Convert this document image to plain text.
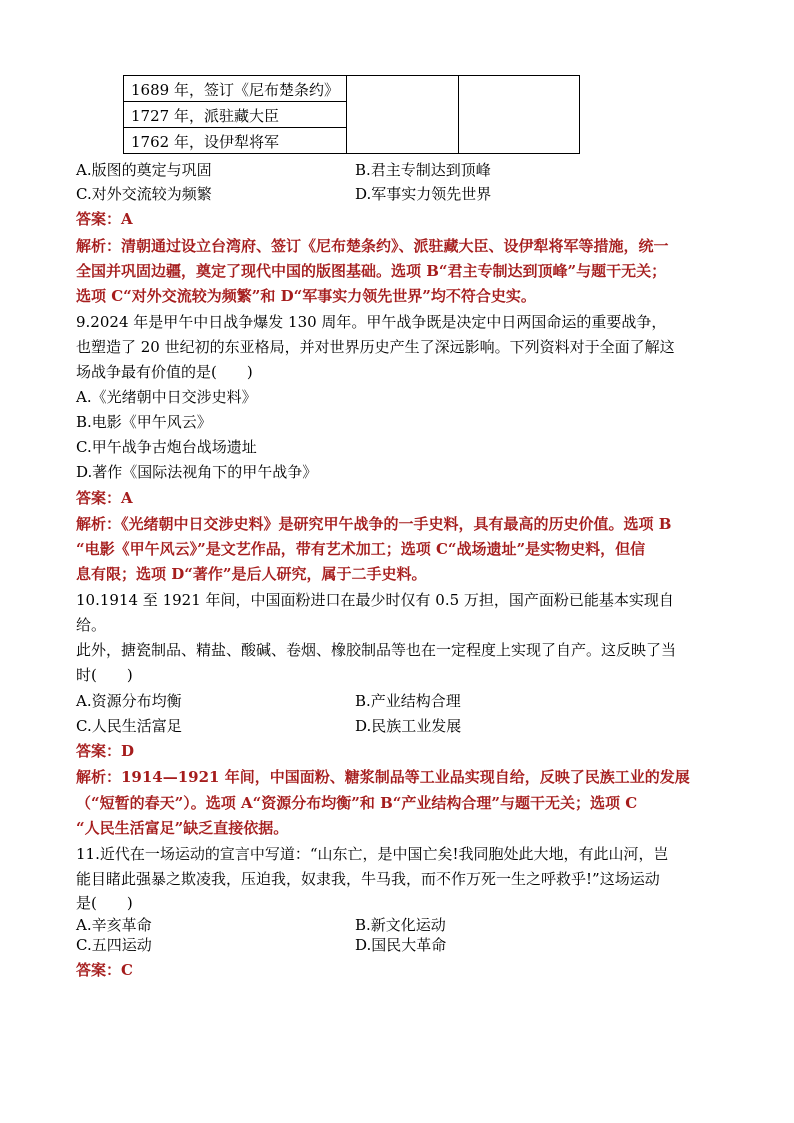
1689 年，签订《尼布楚条约》
1727 年，派驻藏大臣
1762 年，设伊犁将军
A.版图的奠定与巩固	B.君主专制达到顶峰
C.对外交流较为频繁	D.军事实力领先世界
答案：A
解析：清朝通过设立台湾府、签订《尼布楚条约》、派驻藏大臣、设伊犁将军等措施，统一
全国并巩固边疆，奠定了现代中国的版图基础。选项 B“君主专制达到顶峰”与题干无关；
选项 C“对外交流较为频繁”和 D“军事实力领先世界”均不符合史实。
9.2024 年是甲午中日战争爆发 130 周年。甲午战争既是决定中日两国命运的重要战争，
也塑造了 20 世纪初的东亚格局，并对世界历史产生了深远影响。下列资料对于全面了解这
场战争最有价值的是(　　)
A.《光绪朝中日交涉史料》
B.电影《甲午风云》
C.甲午战争古炮台战场遗址
D.著作《国际法视角下的甲午战争》
答案：A
解析：《光绪朝中日交涉史料》是研究甲午战争的一手史料，具有最高的历史价值。选项 B
“电影《甲午风云》”是文艺作品，带有艺术加工；选项 C“战场遗址”是实物史料，但信
息有限；选项 D“著作”是后人研究，属于二手史料。
10.1914 至 1921 年间，中国面粉进口在最少时仅有 0.5 万担，国产面粉已能基本实现自
给。
此外，搪瓷制品、精盐、酸碱、卷烟、橡胶制品等也在一定程度上实现了自产。这反映了当
时(　　)
A.资源分布均衡	B.产业结构合理
C.人民生活富足	D.民族工业发展
答案：D
解析：1914—1921 年间，中国面粉、糖浆制品等工业品实现自给，反映了民族工业的发展
（“短暂的春天”）。选项 A“资源分布均衡”和 B“产业结构合理”与题干无关；选项 C
“人民生活富足”缺乏直接依据。
11.近代在一场运动的宣言中写道：“山东亡，是中国亡矣!我同胞处此大地，有此山河，岂
能目睹此强暴之欺凌我，压迫我，奴隶我，牛马我，而不作万死一生之呼救乎!”这场运动
是(　　)
A.辛亥革命	B.新文化运动
C.五四运动	D.国民大革命
答案：C
